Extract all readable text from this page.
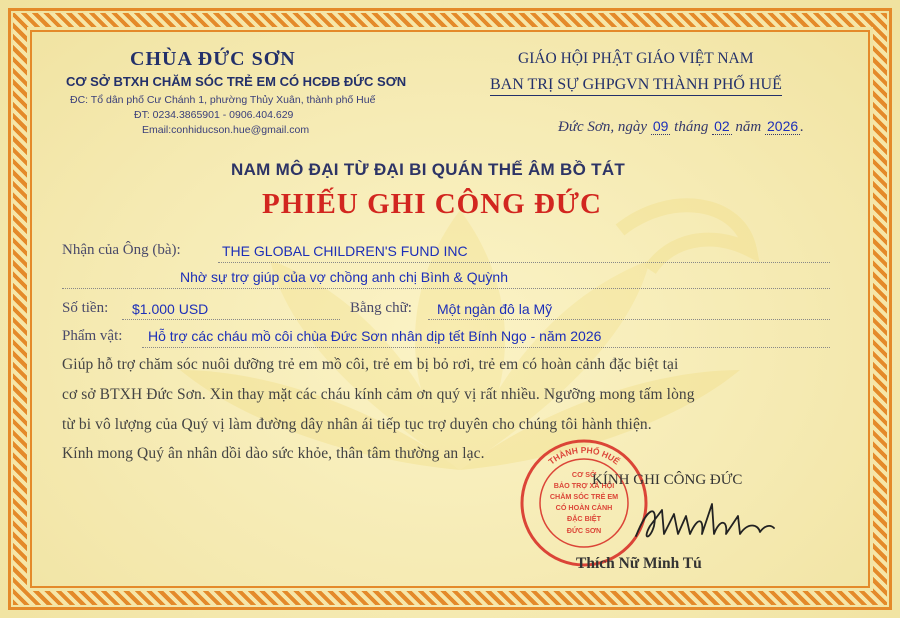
CHÙA ĐỨC SƠN
CƠ SỞ BTXH CHĂM SÓC TRẺ EM CÓ HCĐB ĐỨC SƠN
ĐC: Tổ dân phố Cư Chánh 1, phường Thủy Xuân, thành phố Huế
ĐT: 0234.3865901 - 0906.404.629
Email:conhiducson.hue@gmail.com
GIÁO HỘI PHẬT GIÁO VIỆT NAM
BAN TRỊ SỰ GHPGVN THÀNH PHỐ HUẾ
Đức Sơn, ngày 09 tháng 02 năm 2026 .
NAM MÔ ĐẠI TỪ ĐẠI BI QUÁN THẾ ÂM BỒ TÁT
PHIẾU GHI CÔNG ĐỨC
Nhận của Ông (bà):	THE GLOBAL CHILDREN'S FUND INC
Nhờ sự trợ giúp của vợ chồng anh chị Bình & Quỳnh
Số tiền: $1.000 USD	Bằng chữ: Một ngàn đô la Mỹ
Phẩm vật: Hỗ trợ các cháu mồ côi chùa Đức Sơn nhân dịp tết Bính Ngọ - năm 2026
Giúp hỗ trợ chăm sóc nuôi dưỡng trẻ em mồ côi, trẻ em bị bỏ rơi, trẻ em có hoàn cảnh đặc biệt tại
cơ sở BTXH Đức Sơn. Xin thay mặt các cháu kính cảm ơn quý vị rất nhiều. Ngưỡng mong tấm lòng
từ bi vô lượng của Quý vị làm đường dây nhân ái tiếp tục trợ duyên cho chúng tôi hành thiện.
Kính mong Quý ân nhân dồi dào sức khỏe, thân tâm thường an lạc.	THÀNH PHỐ HUẾ
CƠ SỞ
BẢO TRỢ XÃ HỘI
CHĂM SÓC TRẺ EM
CÓ HOÀN CẢNH
ĐẶC BIỆT
ĐỨC SƠN
KÍNH GHI CÔNG ĐỨC
Thích Nữ Minh Tú
